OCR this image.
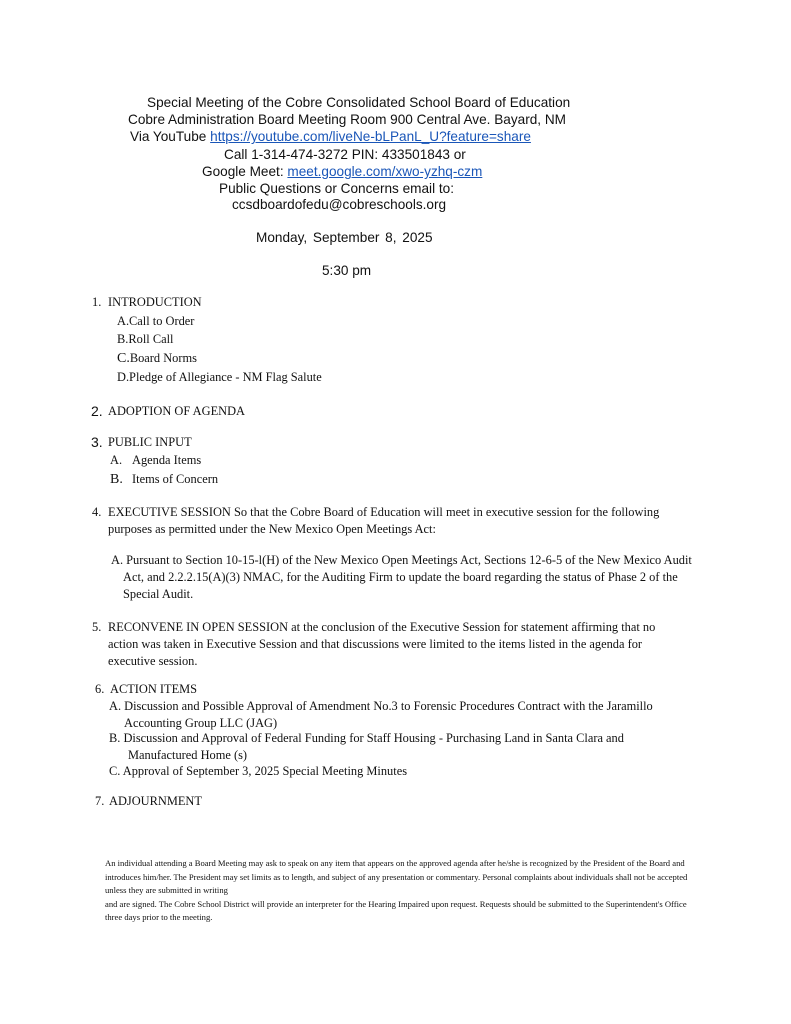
Special Meeting of the Cobre Consolidated School Board of Education
Cobre Administration Board Meeting Room 900 Central Ave. Bayard, NM
Via YouTube https://youtube.com/liveNe-bLPanL_U?feature=share
Call 1-314-474-3272 PIN: 433501843 or
Google Meet: meet.google.com/xwo-yzhq-czm
Public Questions or Concerns email to:
ccsdboardofedu@cobreschools.org
Monday, September 8, 2025
5:30 pm
1. INTRODUCTION
A.Call to Order
B.Roll Call
C.Board Norms
D.Pledge of Allegiance - NM Flag Salute
2. ADOPTION OF AGENDA
3. PUBLIC INPUT
A. Agenda Items
B. Items of Concern
4. EXECUTIVE SESSION So that the Cobre Board of Education will meet in executive session for the following purposes as permitted under the New Mexico Open Meetings Act:
A. Pursuant to Section 10-15-l(H) of the New Mexico Open Meetings Act, Sections 12-6-5 of the New Mexico Audit Act, and 2.2.2.15(A)(3) NMAC, for the Auditing Firm to update the board regarding the status of Phase 2 of the Special Audit.
5. RECONVENE IN OPEN SESSION at the conclusion of the Executive Session for statement affirming that no action was taken in Executive Session and that discussions were limited to the items listed in the agenda for executive session.
6. ACTION ITEMS
A. Discussion and Possible Approval of Amendment No.3 to Forensic Procedures Contract with the Jaramillo Accounting Group LLC (JAG)
B. Discussion and Approval of Federal Funding for Staff Housing - Purchasing Land in Santa Clara and Manufactured Home (s)
C. Approval of September 3, 2025 Special Meeting Minutes
7. ADJOURNMENT

An individual attending a Board Meeting may ask to speak on any item that appears on the approved agenda after he/she is recognized by the President of the Board and introduces him/her. The President may set limits as to length, and subject of any presentation or commentary. Personal complaints about individuals shall not be accepted unless they are submitted in writing

and are signed. The Cobre School District will provide an interpreter for the Hearing Impaired upon request. Requests should be submitted to the Superintendent's Office three days prior to the meeting.
